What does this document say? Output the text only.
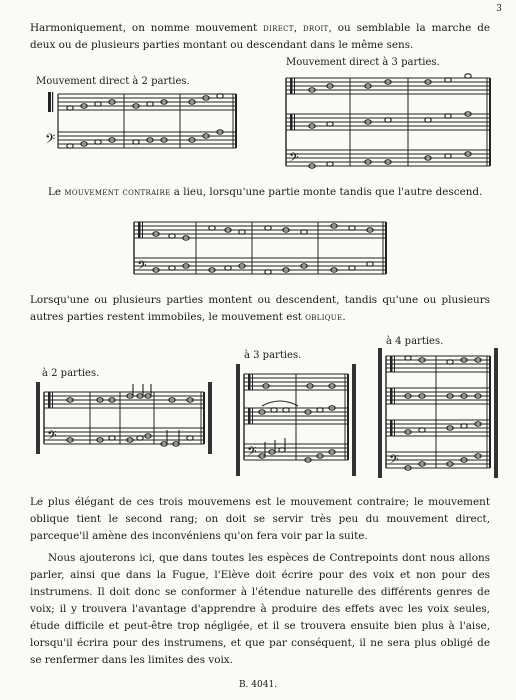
3

Harmoniquement, on nomme mouvement direct, droit, ou semblable la marche de deux ou de plusieurs parties montant ou descendant dans le même sens.

Mouvement direct à 2 parties.
Mouvement direct à 3 parties.
𝄢
𝄢

Le mouvement contraire a lieu, lorsqu'une partie monte tandis que l'autre descend.

𝄢

Lorsqu'une ou plusieurs parties montent ou descendent, tandis qu'une ou plusieurs autres parties restent immobiles, le mouvement est oblique.

à 2 parties.
à 3 parties.
à 4 parties.
𝄢
𝄢	𝄢

Le plus élégant de ces trois mouvemens est le mouvement contraire; le mouvement oblique tient le second rang; on doit se servir très peu du mouvement direct, parceque'il amène des inconvéniens qu'on fera voir par la suite.

Nous ajouterons ici, que dans toutes les espèces de Contrepoints dont nous allons parler, ainsi que dans la Fugue, l'Elève doit écrire pour des voix et non pour des instrumens. Il doit donc se conformer à l'étendue naturelle des différents genres de voix; il y trouvera l'avantage d'apprendre à produire des effets avec les voix seules, étude difficile et peut-être trop négligée, et il se trouvera ensuite bien plus à l'aise, lorsqu'il écrira pour des instrumens, et que par conséquent, il ne sera plus obligé de se renfermer dans les limites des voix.

B. 4041.
